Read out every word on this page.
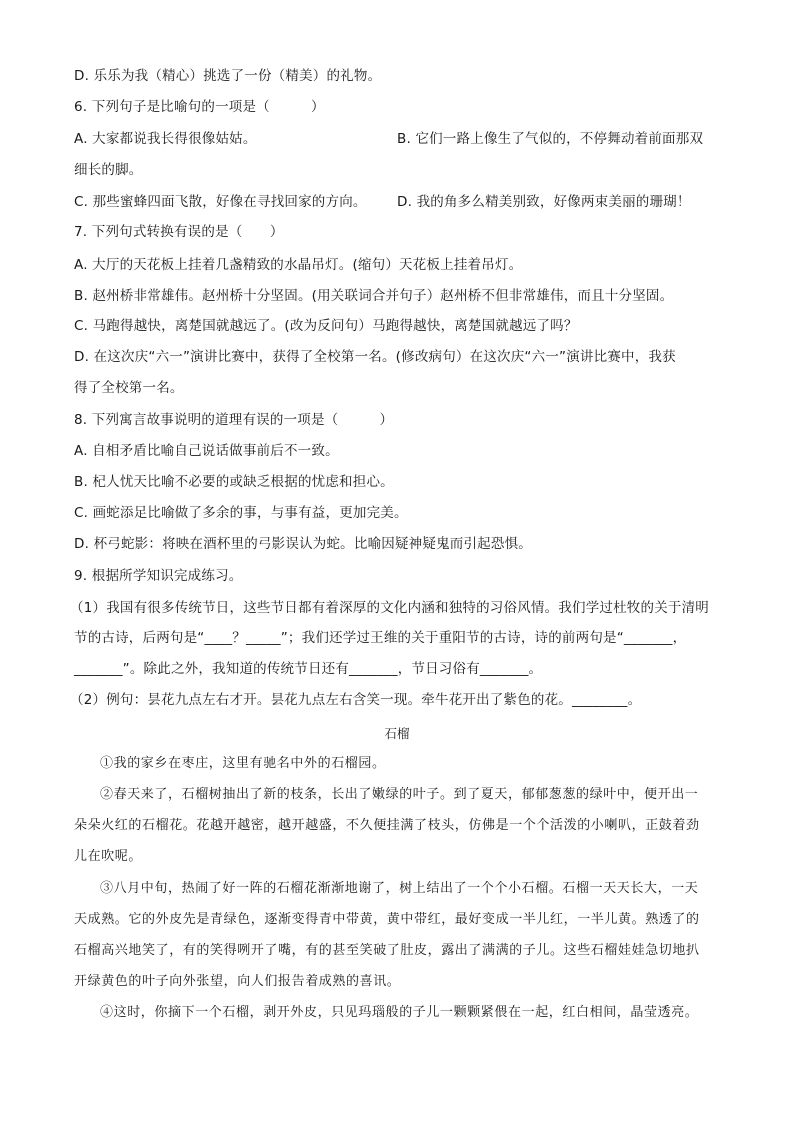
D. 乐乐为我（精心）挑选了一份（精美）的礼物。
6. 下列句子是比喻句的一项是（　　　）
A. 大家都说我长得很像姑姑。	B. 它们一路上像生了气似的，不停舞动着前面那双
细长的脚。
C. 那些蜜蜂四面飞散，好像在寻找回家的方向。 D. 我的角多么精美别致，好像两束美丽的珊瑚！
7. 下列句式转换有误的是（　　）
A. 大厅的天花板上挂着几盏精致的水晶吊灯。(缩句）天花板上挂着吊灯。
B. 赵州桥非常雄伟。赵州桥十分坚固。(用关联词合并句子）赵州桥不但非常雄伟，而且十分坚固。
C. 马跑得越快，离楚国就越远了。(改为反问句）马跑得越快，离楚国就越远了吗？
D. 在这次庆“六一”演讲比赛中，获得了全校第一名。(修改病句）在这次庆“六一”演讲比赛中，我获
得了全校第一名。
8. 下列寓言故事说明的道理有误的一项是（　　　）
A. 自相矛盾比喻自己说话做事前后不一致。
B. 杞人忧天比喻不必要的或缺乏根据的忧虑和担心。
C. 画蛇添足比喻做了多余的事，与事有益，更加完美。
D. 杯弓蛇影：将映在酒杯里的弓影误认为蛇。比喻因疑神疑鬼而引起恐惧。
9. 根据所学知识完成练习。
（1）我国有很多传统节日，这些节日都有着深厚的文化内涵和独特的习俗风情。我们学过杜牧的关于清明
节的古诗，后两句是“____？_____”；我们还学过王维的关于重阳节的古诗，诗的前两句是“_______，
_______”。除此之外，我知道的传统节日还有_______，节日习俗有_______。
（2）例句：昙花九点左右才开。昙花九点左右含笑一现。牵牛花开出了紫色的花。________。
石榴
①我的家乡在枣庄，这里有驰名中外的石榴园。
②春天来了，石榴树抽出了新的枝条，长出了嫩绿的叶子。到了夏天，郁郁葱葱的绿叶中，便开出一
朵朵火红的石榴花。花越开越密，越开越盛，不久便挂满了枝头，仿佛是一个个活泼的小喇叭，正鼓着劲
儿在吹呢。
③八月中旬，热闹了好一阵的石榴花渐渐地谢了，树上结出了一个个小石榴。石榴一天天长大，一天
天成熟。它的外皮先是青绿色，逐渐变得青中带黄，黄中带红，最好变成一半儿红，一半儿黄。熟透了的
石榴高兴地笑了，有的笑得咧开了嘴，有的甚至笑破了肚皮，露出了满满的子儿。这些石榴娃娃急切地扒
开绿黄色的叶子向外张望，向人们报告着成熟的喜讯。
④这时，你摘下一个石榴，剥开外皮，只见玛瑙般的子儿一颗颗紧偎在一起，红白相间，晶莹透亮。
